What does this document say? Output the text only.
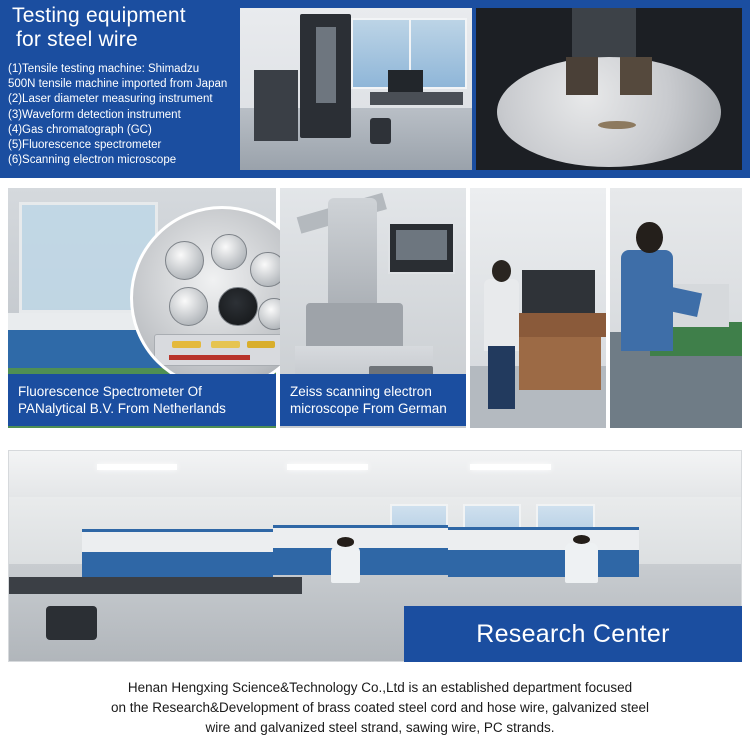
Testing equipment
for steel wire
(1)Tensile testing machine: Shimadzu
500N tensile machine imported from Japan
(2)Laser diameter measuring instrument
(3)Waveform detection instrument
(4)Gas chromatograph (GC)
(5)Fluorescence spectrometer
(6)Scanning electron microscope
Fluorescence Spectrometer Of
PANalytical B.V. From Netherlands
Zeiss scanning electron
microscope From German
Research Center
Henan Hengxing Science&Technology Co.,Ltd is an established department focused
on the Research&Development of brass coated steel cord and hose wire, galvanized steel
wire and galvanized steel strand, sawing wire, PC strands.
